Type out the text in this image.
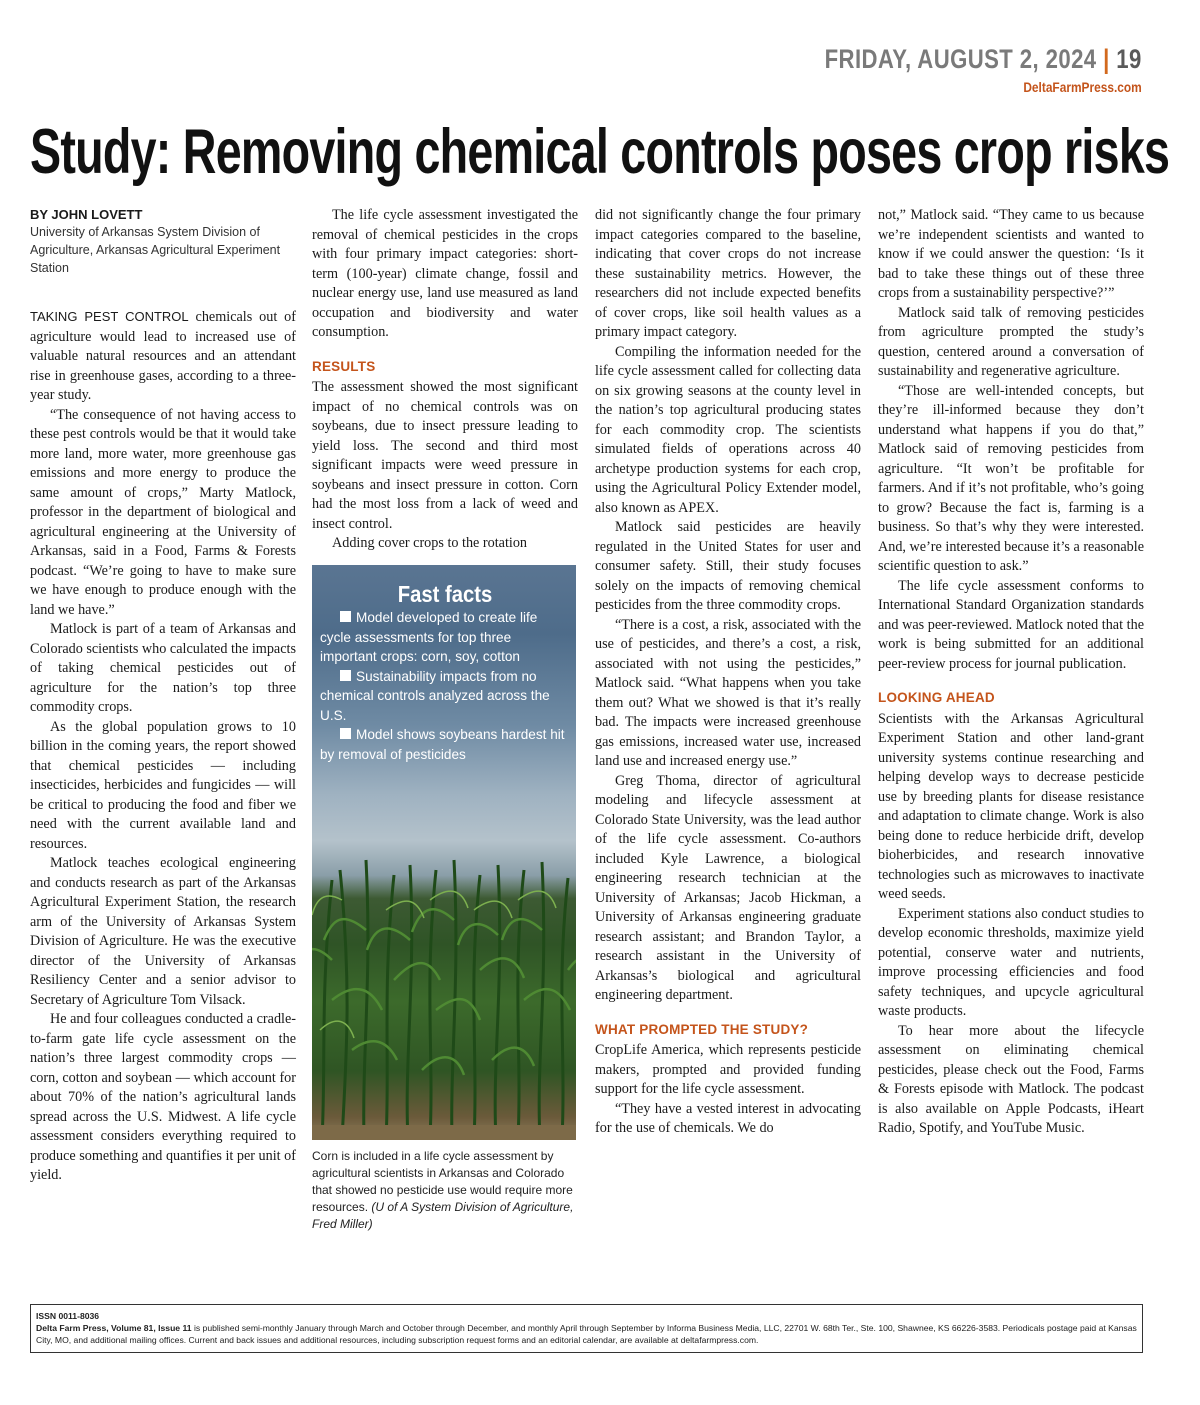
FRIDAY, AUGUST 2, 2024 | 19
DeltaFarmPress.com
Study: Removing chemical controls poses crop risks
BY JOHN LOVETT
University of Arkansas System Division of Agriculture, Arkansas Agricultural Experiment Station

TAKING PEST CONTROL chemicals out of agriculture would lead to increased use of valuable natural resources and an attendant rise in greenhouse gases, according to a three-year study.

“The consequence of not having access to these pest controls would be that it would take more land, more water, more greenhouse gas emissions and more energy to produce the same amount of crops,” Marty Matlock, professor in the department of biological and agricultural engineering at the University of Arkansas, said in a Food, Farms & Forests podcast. “We’re going to have to make sure we have enough to produce enough with the land we have.”

Matlock is part of a team of Arkansas and Colorado scientists who calculated the impacts of taking chemical pesticides out of agriculture for the nation’s top three commodity crops.

As the global population grows to 10 billion in the coming years, the report showed that chemical pesticides — including insecticides, herbicides and fungicides — will be critical to producing the food and fiber we need with the current available land and resources.

Matlock teaches ecological engineering and conducts research as part of the Arkansas Agricultural Experiment Station, the research arm of the University of Arkansas System Division of Agriculture. He was the executive director of the University of Arkansas Resiliency Center and a senior advisor to Secretary of Agriculture Tom Vilsack.

He and four colleagues conducted a cradle-to-farm gate life cycle assessment on the nation’s three largest commodity crops — corn, cotton and soybean — which account for about 70% of the nation’s agricultural lands spread across the U.S. Midwest. A life cycle assessment considers everything required to produce something and quantifies it per unit of yield.

The life cycle assessment investigated the removal of chemical pesticides in the crops with four primary impact categories: short-term (100-year) climate change, fossil and nuclear energy use, land use measured as land occupation and biodiversity and water consumption.

RESULTS

The assessment showed the most significant impact of no chemical controls was on soybeans, due to insect pressure leading to yield loss. The second and third most significant impacts were weed pressure in soybeans and insect pressure in cotton. Corn had the most loss from a lack of weed and insect control.

Adding cover crops to the rotation

Fast facts
Model developed to create life cycle assessments for top three important crops: corn, soy, cotton
Sustainability impacts from no chemical controls analyzed across the U.S.
Model shows soybeans hardest hit by removal of pesticides
Corn is included in a life cycle assessment by agricultural scientists in Arkansas and Colorado that showed no pesticide use would require more resources. (U of A System Division of Agriculture, Fred Miller)

did not significantly change the four primary impact categories compared to the baseline, indicating that cover crops do not increase these sustainability metrics. However, the researchers did not include expected benefits of cover crops, like soil health values as a primary impact category.

Compiling the information needed for the life cycle assessment called for collecting data on six growing seasons at the county level in the nation’s top agricultural producing states for each commodity crop. The scientists simulated fields of operations across 40 archetype production systems for each crop, using the Agricultural Policy Extender model, also known as APEX.

Matlock said pesticides are heavily regulated in the United States for user and consumer safety. Still, their study focuses solely on the impacts of removing chemical pesticides from the three commodity crops.

“There is a cost, a risk, associated with the use of pesticides, and there’s a cost, a risk, associated with not using the pesticides,” Matlock said. “What happens when you take them out? What we showed is that it’s really bad. The impacts were increased greenhouse gas emissions, increased water use, increased land use and increased energy use.”

Greg Thoma, director of agricultural modeling and lifecycle assessment at Colorado State University, was the lead author of the life cycle assessment. Co-authors included Kyle Lawrence, a biological engineering research technician at the University of Arkansas; Jacob Hickman, a University of Arkansas engineering graduate research assistant; and Brandon Taylor, a research assistant in the University of Arkansas’s biological and agricultural engineering department.

WHAT PROMPTED THE STUDY?

CropLife America, which represents pesticide makers, prompted and provided funding support for the life cycle assessment.

“They have a vested interest in advocating for the use of chemicals. We do

not,” Matlock said. “They came to us because we’re independent scientists and wanted to know if we could answer the question: ‘Is it bad to take these things out of these three crops from a sustainability perspective?’”

Matlock said talk of removing pesticides from agriculture prompted the study’s question, centered around a conversation of sustainability and regenerative agriculture.

“Those are well-intended concepts, but they’re ill-informed because they don’t understand what happens if you do that,” Matlock said of removing pesticides from agriculture. “It won’t be profitable for farmers. And if it’s not profitable, who’s going to grow? Because the fact is, farming is a business. So that’s why they were interested. And, we’re interested because it’s a reasonable scientific question to ask.”

The life cycle assessment conforms to International Standard Organization standards and was peer-reviewed. Matlock noted that the work is being submitted for an additional peer-review process for journal publication.

LOOKING AHEAD

Scientists with the Arkansas Agricultural Experiment Station and other land-grant university systems continue researching and helping develop ways to decrease pesticide use by breeding plants for disease resistance and adaptation to climate change. Work is also being done to reduce herbicide drift, develop bioherbicides, and research innovative technologies such as microwaves to inactivate weed seeds.

Experiment stations also conduct studies to develop economic thresholds, maximize yield potential, conserve water and nutrients, improve processing efficiencies and food safety techniques, and upcycle agricultural waste products.

To hear more about the lifecycle assessment on eliminating chemical pesticides, please check out the Food, Farms & Forests episode with Matlock. The podcast is also available on Apple Podcasts, iHeart Radio, Spotify, and YouTube Music.

ISSN 0011-8036
Delta Farm Press, Volume 81, Issue 11 is published semi-monthly January through March and October through December, and monthly April through September by Informa Business Media, LLC, 22701 W. 68th Ter., Ste. 100, Shawnee, KS 66226-3583. Periodicals postage paid at Kansas City, MO, and additional mailing offices. Current and back issues and additional resources, including subscription request forms and an editorial calendar, are available at deltafarmpress.com.
